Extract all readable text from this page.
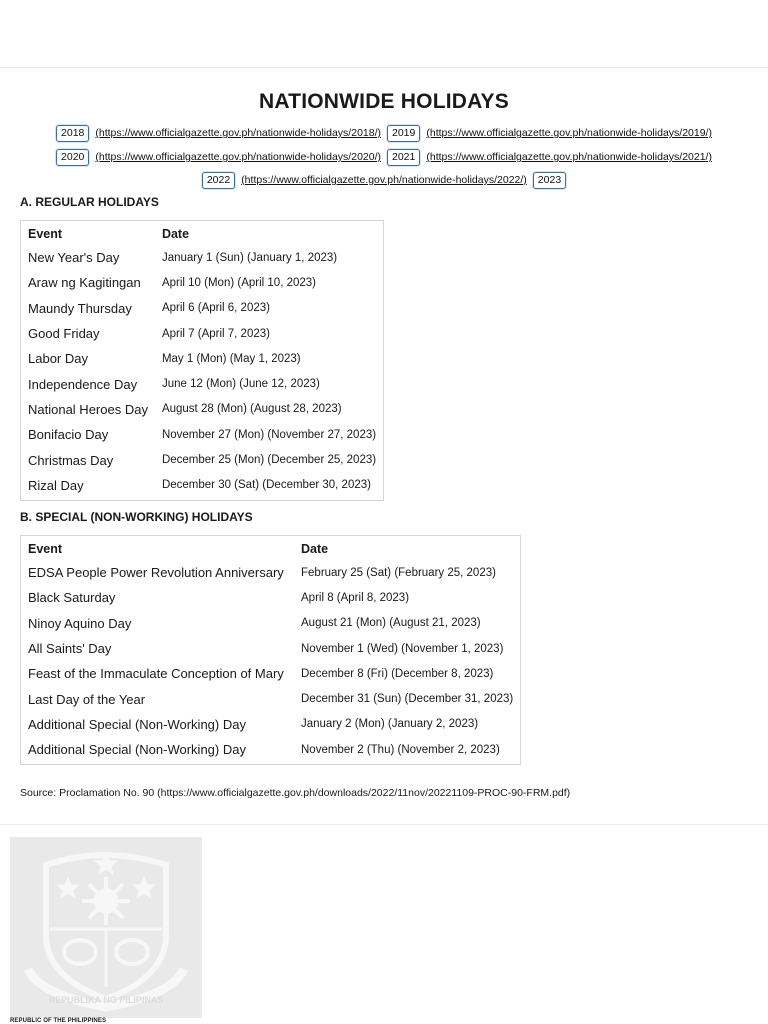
NATIONWIDE HOLIDAYS
2018	(https://www.officialgazette.gov.ph/nationwide-holidays/2018/)	2019	(https://www.officialgazette.gov.ph/nationwide-holidays/2019/)
2020	(https://www.officialgazette.gov.ph/nationwide-holidays/2020/)	2021	(https://www.officialgazette.gov.ph/nationwide-holidays/2021/)
2022	(https://www.officialgazette.gov.ph/nationwide-holidays/2022/)	2023
A. REGULAR HOLIDAYS
Event	Date
New Year's Day	January 1 (Sun) (January 1, 2023)
Araw ng Kagitingan	April 10 (Mon) (April 10, 2023)
Maundy Thursday	April 6 (April 6, 2023)
Good Friday	April 7 (April 7, 2023)
Labor Day	May 1 (Mon) (May 1, 2023)
Independence Day	June 12 (Mon) (June 12, 2023)
National Heroes Day	August 28 (Mon) (August 28, 2023)
Bonifacio Day	November 27 (Mon) (November 27, 2023)
Christmas Day	December 25 (Mon) (December 25, 2023)
Rizal Day	December 30 (Sat) (December 30, 2023)
B. SPECIAL (NON-WORKING) HOLIDAYS
Event	Date
EDSA People Power Revolution Anniversary	February 25 (Sat) (February 25, 2023)
Black Saturday	April 8 (April 8, 2023)
Ninoy Aquino Day	August 21 (Mon) (August 21, 2023)
All Saints' Day	November 1 (Wed) (November 1, 2023)
Feast of the Immaculate Conception of Mary	December 8 (Fri) (December 8, 2023)
Last Day of the Year	December 31 (Sun) (December 31, 2023)
Additional Special (Non-Working) Day	January 2 (Mon) (January 2, 2023)
Additional Special (Non-Working) Day	November 2 (Thu) (November 2, 2023)
Source: Proclamation No. 90 (https://www.officialgazette.gov.ph/downloads/2022/11nov/20221109-PROC-90-FRM.pdf)
REPUBLIKA NG PILIPINAS
REPUBLIC OF THE PHILIPPINES
